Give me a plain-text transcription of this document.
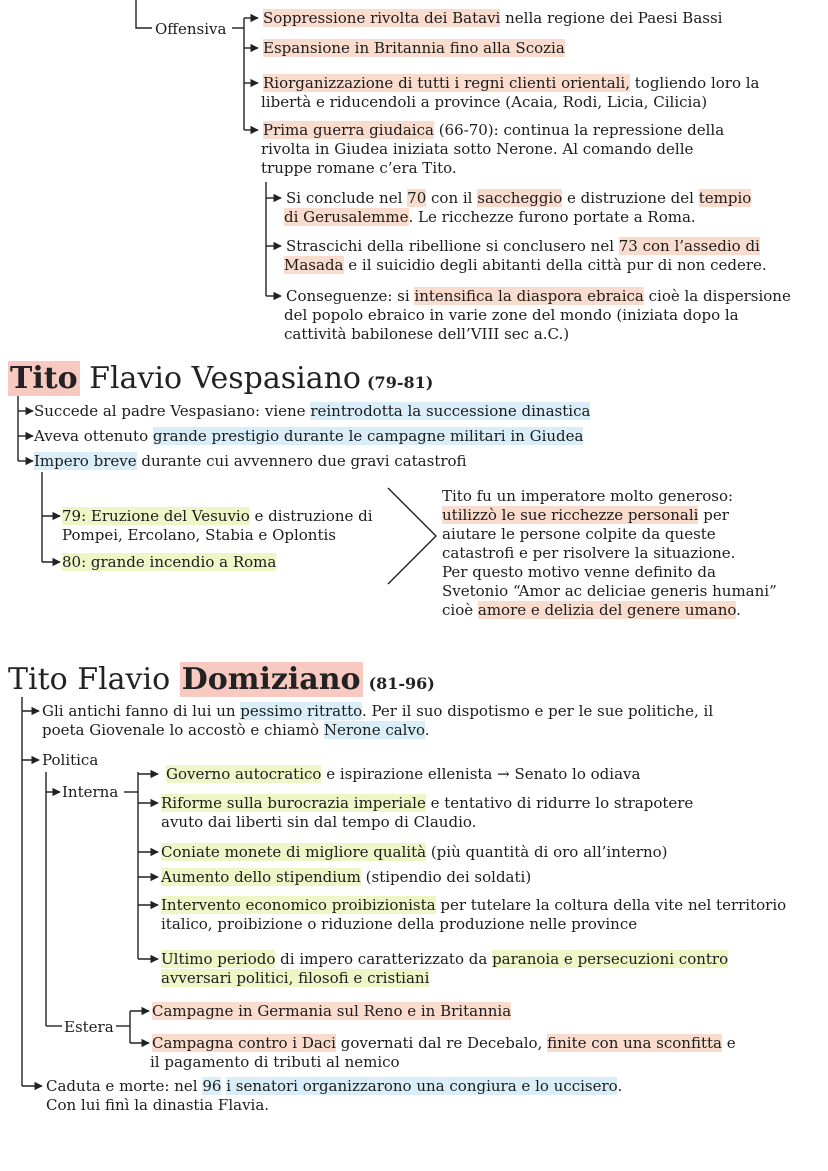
Offensiva
Soppressione rivolta dei Batavi nella regione dei Paesi Bassi
Espansione in Britannia fino alla Scozia
Riorganizzazione di tutti i regni clienti orientali, togliendo loro la
libertà e riducendoli a province (Acaia, Rodi, Licia, Cilicia)
Prima guerra giudaica (66-70): continua la repressione della
rivolta in Giudea iniziata sotto Nerone. Al comando delle
truppe romane c’era Tito.
Si conclude nel 70 con il saccheggio e distruzione del tempio
di Gerusalemme. Le ricchezze furono portate a Roma.
Strascichi della ribellione si conclusero nel 73 con l’assedio di
Masada e il suicidio degli abitanti della città pur di non cedere.
Conseguenze: si intensifica la diaspora ebraica cioè la dispersione
del popolo ebraico in varie zone del mondo (iniziata dopo la
cattività babilonese dell’VIII sec a.C.)
Tito Flavio Vespasiano (79-81)
Succede al padre Vespasiano: viene reintrodotta la successione dinastica
Aveva ottenuto grande prestigio durante le campagne militari in Giudea
Impero breve durante cui avvennero due gravi catastrofi
79: Eruzione del Vesuvio e distruzione di
Pompei, Ercolano, Stabia e Oplontis
80: grande incendio a Roma
Tito fu un imperatore molto generoso:
utilizzò le sue ricchezze personali per
aiutare le persone colpite da queste
catastrofi e per risolvere la situazione.
Per questo motivo venne definito da
Svetonio “Amor ac deliciae generis humani”
cioè amore e delizia del genere umano.
Tito Flavio Domiziano (81-96)
Gli antichi fanno di lui un pessimo ritratto. Per il suo dispotismo e per le sue politiche, il
poeta Giovenale lo accostò e chiamò Nerone calvo.
Politica
Interna
Governo autocratico e ispirazione ellenista → Senato lo odiava
Riforme sulla burocrazia imperiale e tentativo di ridurre lo strapotere
avuto dai liberti sin dal tempo di Claudio.
Coniate monete di migliore qualità (più quantità di oro all’interno)
Aumento dello stipendium (stipendio dei soldati)
Intervento economico proibizionista per tutelare la coltura della vite nel territorio
italico, proibizione o riduzione della produzione nelle province
Ultimo periodo di impero caratterizzato da paranoia e persecuzioni contro
avversari politici, filosofi e cristiani
Estera
Campagne in Germania sul Reno e in Britannia
Campagna contro i Daci governati dal re Decebalo, finite con una sconfitta e
il pagamento di tributi al nemico
Caduta e morte: nel 96 i senatori organizzarono una congiura e lo uccisero.
Con lui finì la dinastia Flavia.
